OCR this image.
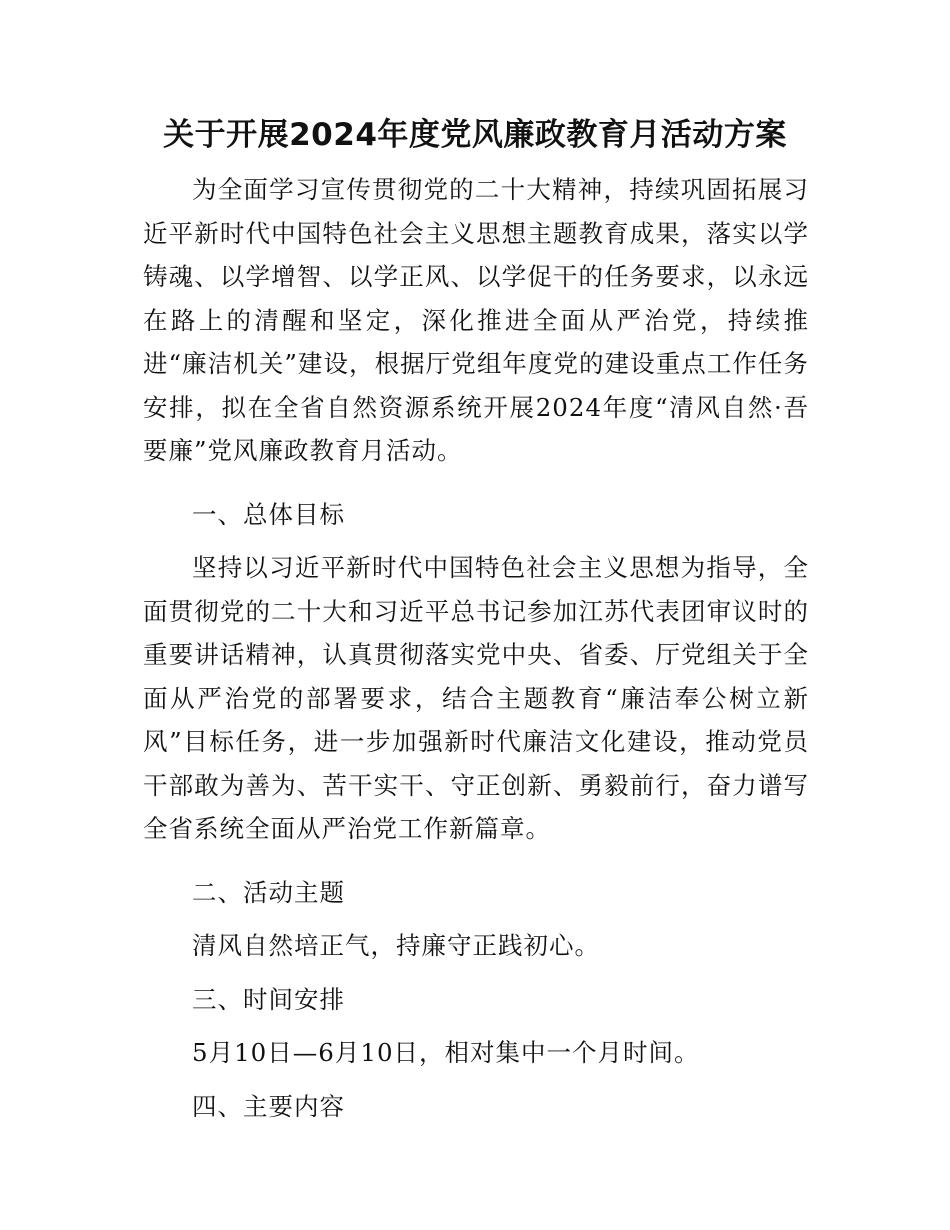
关于开展2024年度党风廉政教育月活动方案

为全面学习宣传贯彻党的二十大精神，持续巩固拓展习近平新时代中国特色社会主义思想主题教育成果，落实以学铸魂、以学增智、以学正风、以学促干的任务要求，以永远在路上的清醒和坚定，深化推进全面从严治党，持续推进“廉洁机关”建设，根据厅党组年度党的建设重点工作任务安排，拟在全省自然资源系统开展2024年度“清风自然·吾要廉”党风廉政教育月活动。

一、总体目标

坚持以习近平新时代中国特色社会主义思想为指导，全面贯彻党的二十大和习近平总书记参加江苏代表团审议时的重要讲话精神，认真贯彻落实党中央、省委、厅党组关于全面从严治党的部署要求，结合主题教育“廉洁奉公树立新风”目标任务，进一步加强新时代廉洁文化建设，推动党员干部敢为善为、苦干实干、守正创新、勇毅前行，奋力谱写全省系统全面从严治党工作新篇章。

二、活动主题

清风自然培正气，持廉守正践初心。

三、时间安排

5月10日—6月10日，相对集中一个月时间。

四、主要内容
